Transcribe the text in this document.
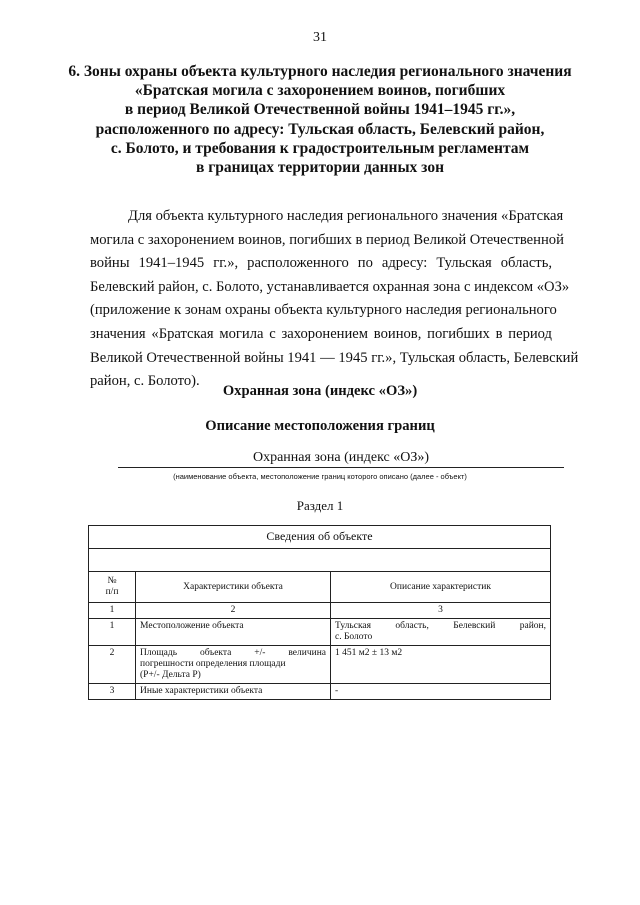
31
6. Зоны охраны объекта культурного наследия регионального значения
«Братская могила с захоронением воинов, погибших
в период Великой Отечественной войны 1941–1945 гг.»,
расположенного по адресу: Тульская область, Белевский район,
с. Болото, и требования к градостроительным регламентам
в границах территории данных зон
Для объекта культурного наследия регионального значения «Братская
могила с захоронением воинов, погибших в период Великой Отечественной
войны 1941–1945 гг.», расположенного по адресу: Тульская область,
Белевский район, с. Болото, устанавливается охранная зона с индексом «ОЗ»
(приложение к зонам охраны объекта культурного наследия регионального
значения «Братская могила с захоронением воинов, погибших в период
Великой Отечественной войны 1941 — 1945 гг.», Тульская область, Белевский
район, с. Болото).
Охранная зона (индекс «ОЗ»)
Описание местоположения границ
Охранная зона (индекс «ОЗ»)
(наименование объекта, местоположение границ которого описано (далее - объект)
Раздел 1
Сведения об объекте		

№
п/п	Характеристики объекта	Описание характеристик
1	2	3
1	Местоположение объекта	Тульская      область,      Белевский      район,
с. Болото
2	Площадь      объекта      +/-      величина
погрешности определения площади
(Р+/- Дельта Р)	1 451 м2 ± 13 м2
3	Иные характеристики объекта	-
